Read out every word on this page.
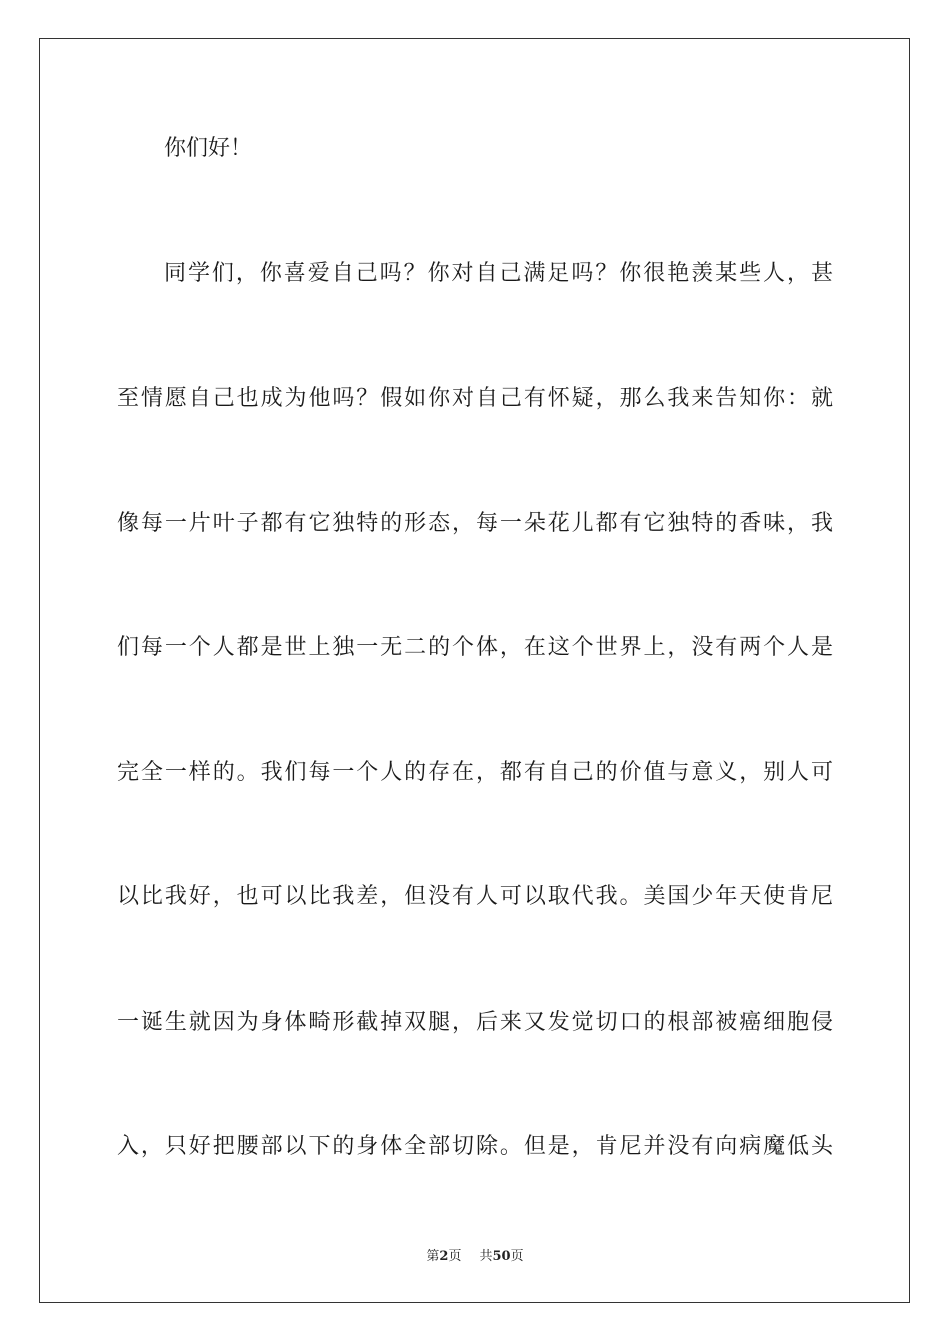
你们好！
同学们，你喜爱自己吗？你对自己满足吗？你很艳羡某些人，甚
至情愿自己也成为他吗？假如你对自己有怀疑，那么我来告知你：就
像每一片叶子都有它独特的形态，每一朵花儿都有它独特的香味，我
们每一个人都是世上独一无二的个体，在这个世界上，没有两个人是
完全一样的。我们每一个人的存在，都有自己的价值与意义，别人可
以比我好，也可以比我差，但没有人可以取代我。美国少年天使肯尼
一诞生就因为身体畸形截掉双腿，后来又发觉切口的根部被癌细胞侵
入，只好把腰部以下的身体全部切除。但是，肯尼并没有向病魔低头
第2页 共50页
